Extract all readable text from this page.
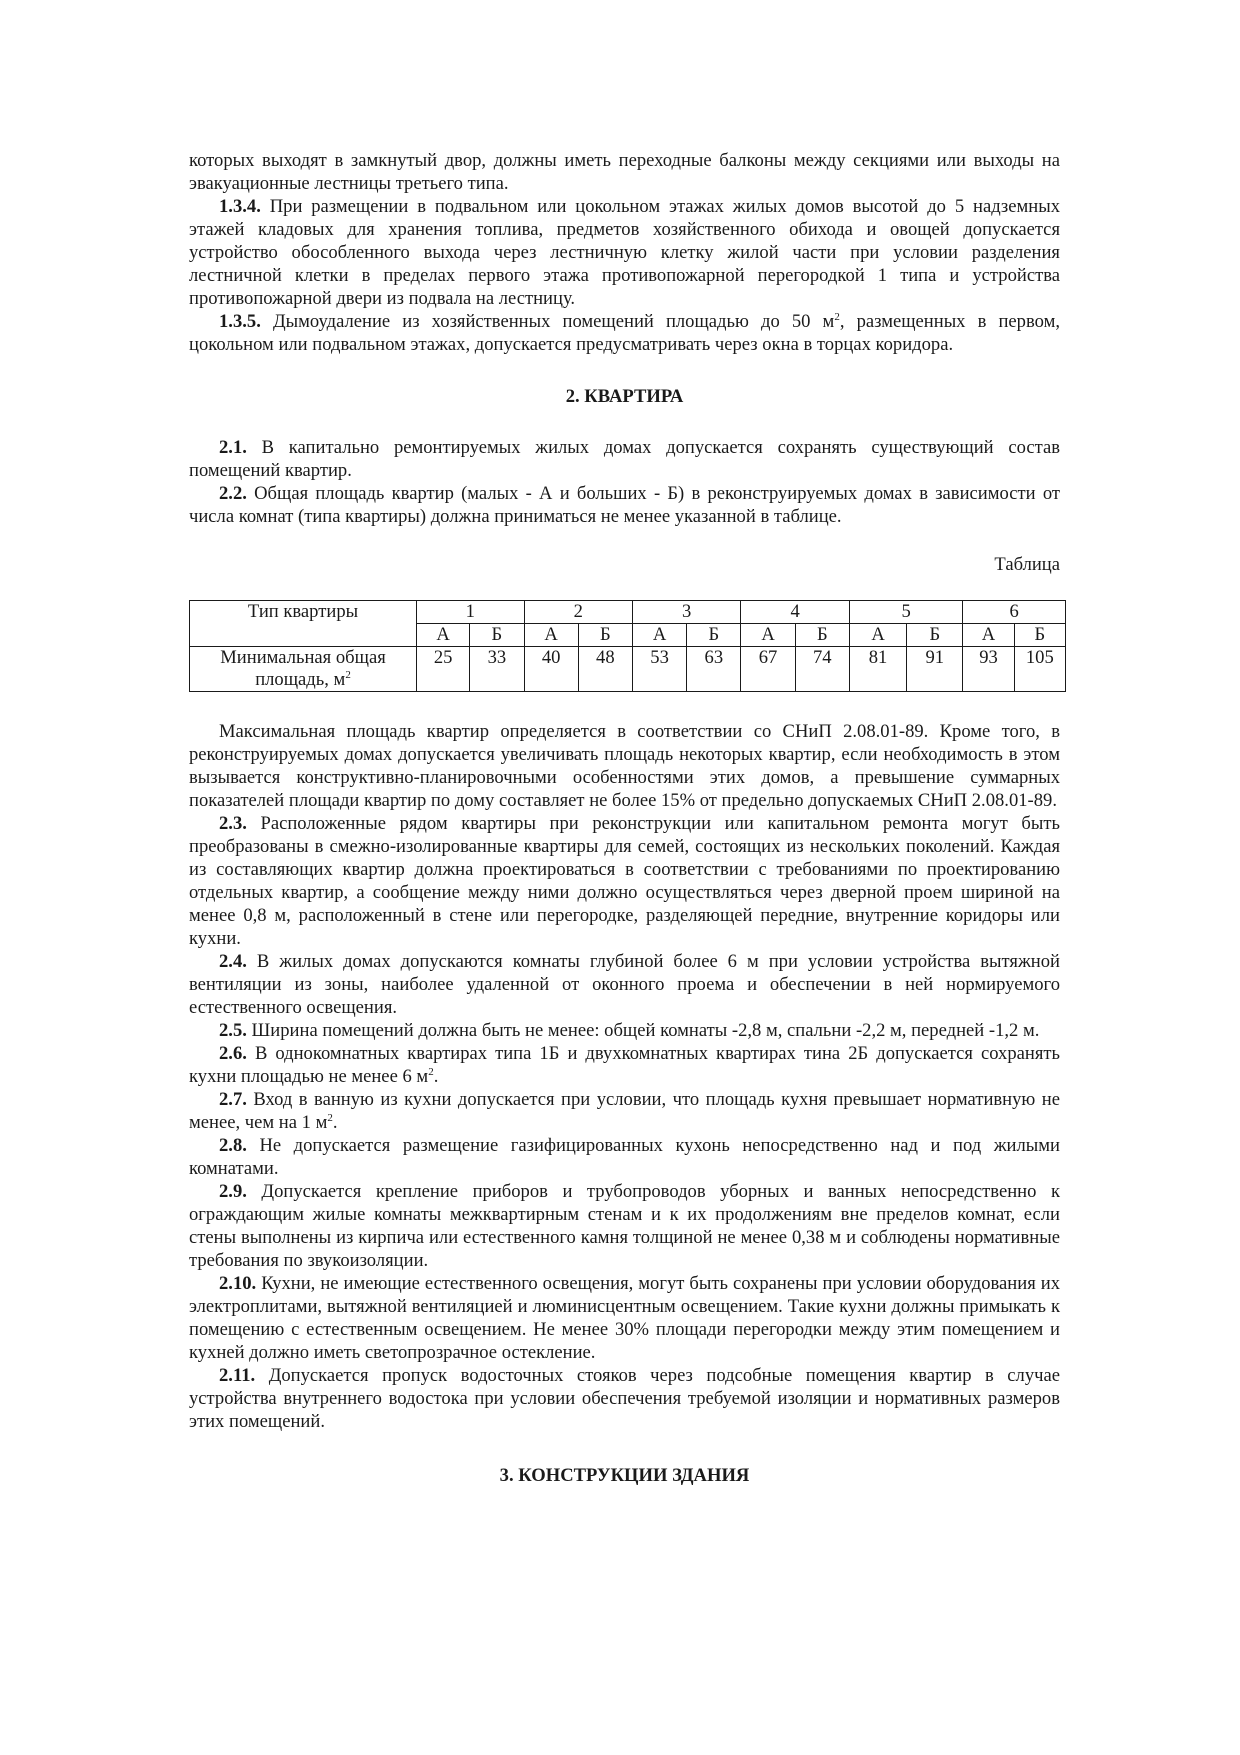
которых выходят в замкнутый двор, должны иметь переходные балконы между секциями или выходы на эвакуационные лестницы третьего типа.

1.3.4. При размещении в подвальном или цокольном этажах жилых домов высотой до 5 надземных этажей кладовых для хранения топлива, предметов хозяйственного обихода и овощей допускается устройство обособленного выхода через лестничную клетку жилой части при условии разделения лестничной клетки в пределах первого этажа противопожарной перегородкой 1 типа и устройства противопожарной двери из подвала на лестницу.

1.3.5. Дымоудаление из хозяйственных помещений площадью до 50 $м^2$, размещенных в первом, цокольном или подвальном этажах, допускается предусматривать через окна в торцах коридора.

2. КВАРТИРА

2.1. В капитально ремонтируемых жилых домах допускается сохранять существующий состав помещений квартир.

2.2. Общая площадь квартир (малых - А и больших - Б) в реконструируемых домах в зависимости от числа комнат (типа квартиры) должна приниматься не менее указанной в таблице.

Таблица

Тип квартиры	1		2		3		4		5		6	
	А	Б	А	Б	А	Б	А	Б	А	Б	А	Б
Минимальная общая площадь, $м^2$	25	33	40	48	53	63	67	74	81	91	93	105

Максимальная площадь квартир определяется в соответствии со СНиП 2.08.01-89. Кроме того, в реконструируемых домах допускается увеличивать площадь некоторых квартир, если необходимость в этом вызывается конструктивно-планировочными особенностями этих домов, а превышение суммарных показателей площади квартир по дому составляет не более 15% от предельно допускаемых СНиП 2.08.01-89.

2.3. Расположенные рядом квартиры при реконструкции или капитальном ремонта могут быть преобразованы в смежно-изолированные квартиры для семей, состоящих из нескольких поколений. Каждая из составляющих квартир должна проектироваться в соответствии с требованиями по проектированию отдельных квартир, а сообщение между ними должно осуществляться через дверной проем шириной на менее 0,8 м, расположенный в стене или перегородке, разделяющей передние, внутренние коридоры или кухни.

2.4. В жилых домах допускаются комнаты глубиной более 6 м при условии устройства вытяжной вентиляции из зоны, наиболее удаленной от оконного проема и обеспечении в ней нормируемого естественного освещения.

2.5. Ширина помещений должна быть не менее: общей комнаты -2,8 м, спальни -2,2 м, передней -1,2 м.

2.6. В однокомнатных квартирах типа 1Б и двухкомнатных квартирах тина 2Б допускается сохранять кухни площадью не менее 6 $м^2$.

2.7. Вход в ванную из кухни допускается при условии, что площадь кухня превышает нормативную не менее, чем на 1 $м^2$.

2.8. Не допускается размещение газифицированных кухонь непосредственно над и под жилыми комнатами.

2.9. Допускается крепление приборов и трубопроводов уборных и ванных непосредственно к ограждающим жилые комнаты межквартирным стенам и к их продолжениям вне пределов комнат, если стены выполнены из кирпича или естественного камня толщиной не менее 0,38 м и соблюдены нормативные требования по звукоизоляции.

2.10. Кухни, не имеющие естественного освещения, могут быть сохранены при условии оборудования их электроплитами, вытяжной вентиляцией и люминисцентным освещением. Такие кухни должны примыкать к помещению с естественным освещением. Не менее 30% площади перегородки между этим помещением и кухней должно иметь светопрозрачное остекление.

2.11. Допускается пропуск водосточных стояков через подсобные помещения квартир в случае устройства внутреннего водостока при условии обеспечения требуемой изоляции и нормативных размеров этих помещений.

3. КОНСТРУКЦИИ ЗДАНИЯ
